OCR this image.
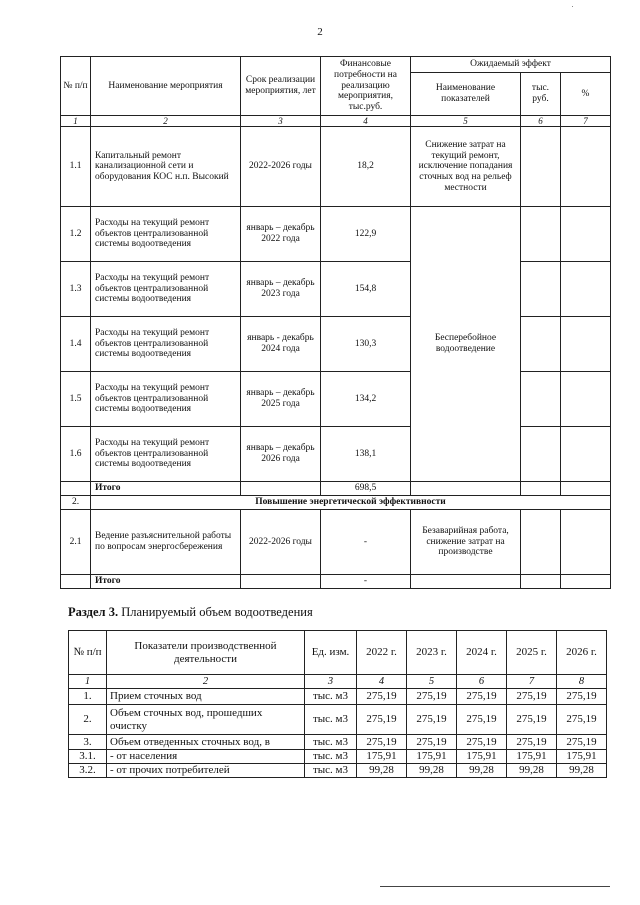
2
№ п/п	Наименование мероприятия	Срок реализации мероприятия, лет	Финансовые потребности на реализацию мероприятия, тыс.руб.	Ожидаемый эффект		
				Наименование показателей	тыс. руб.	%
1	2	3	4	5	6	7
1.1	Капитальный ремонт канализационной сети и оборудования КОС н.п. Высокий	2022-2026 годы	18,2	Снижение затрат на текущий ремонт, исключение попадания сточных вод на рельеф местности		
1.2	Расходы на текущий ремонт объектов централизованной системы водоотведения	январь – декабрь 2022 года	122,9	Бесперебойное водоотведение		
1.3	Расходы на текущий ремонт объектов централизованной системы водоотведения	январь – декабрь 2023 года	154,8			
1.4	Расходы на текущий ремонт объектов централизованной системы водоотведения	январь - декабрь 2024 года	130,3			
1.5	Расходы на текущий ремонт объектов централизованной системы водоотведения	январь – декабрь 2025 года	134,2			
1.6	Расходы на текущий ремонт объектов централизованной системы водоотведения	январь – декабрь 2026 года	138,1			
	Итого		698,5			
2.	Повышение энергетической эффективности					
2.1	Ведение разъяснительной работы по вопросам энергосбережения	2022-2026 годы	-	Безаварийная работа, снижение затрат на производстве		
	Итого		-			
Раздел 3. Планируемый объем водоотведения
№ п/п	Показатели производственной деятельности	Ед. изм.	2022 г.	2023 г.	2024 г.	2025 г.	2026 г.
1	2	3	4	5	6	7	8
1.	Прием сточных вод	тыс. м3	275,19	275,19	275,19	275,19	275,19
2.	Объем сточных вод, прошедших очистку	тыс. м3	275,19	275,19	275,19	275,19	275,19
3.	Объем отведенных сточных вод, в	тыс. м3	275,19	275,19	275,19	275,19	275,19
3.1.	- от населения	тыс. м3	175,91	175,91	175,91	175,91	175,91
3.2.	- от прочих потребителей	тыс. м3	99,28	99,28	99,28	99,28	99,28
